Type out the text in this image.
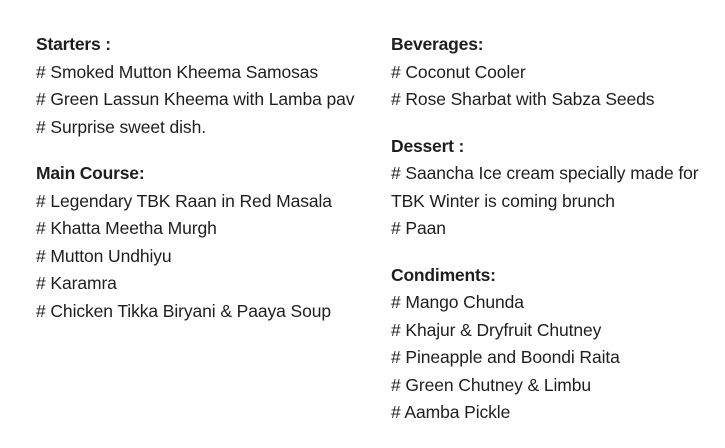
Starters :
# Smoked Mutton Kheema Samosas
# Green Lassun Kheema with Lamba pav
# Surprise sweet dish.
Main Course:
# Legendary TBK Raan in Red Masala
# Khatta Meetha Murgh
# Mutton Undhiyu
# Karamra
# Chicken Tikka Biryani & Paaya Soup
Beverages:
# Coconut Cooler
# Rose Sharbat with Sabza Seeds
Dessert :
# Saancha Ice cream specially made for TBK Winter is coming brunch
# Paan
Condiments:
# Mango Chunda
# Khajur & Dryfruit Chutney
# Pineapple and Boondi Raita
# Green Chutney & Limbu
# Aamba Pickle
